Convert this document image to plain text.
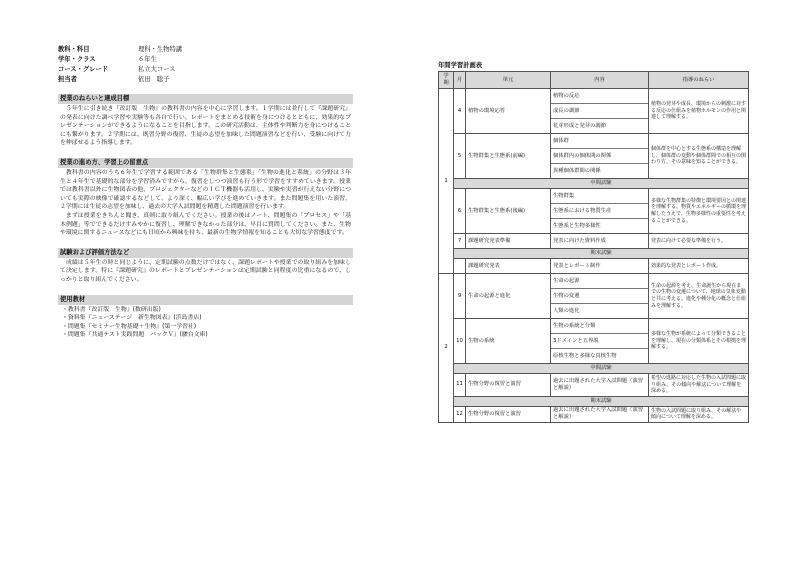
教科・科目	理科・生物特講
学年・クラス	６年生
コース・グレード	私立大コース
担当者	依田　聡子
授業のねらいと達成目標

５年生に引き続き『改訂版　生物』の教科書の内容を中心に学習します。１学期には並行して『課題研究』の発表に向けた調べ学習や実験等も各自で行い、レポートをまとめる技術を身につけるとともに、効果的なプレゼンテーションができるようになることを目指します。この研究活動は、主体性や判断力を身につけることにも繋がります。２学期には、既習分野の復習、生徒の志望を加味した問題演習などを行い、受験に向けて力を伸ばせるよう指導します。

授業の進め方、学習上の留意点

教科書の内容のうち６年生で学習する範囲である「生物群集と生態系」「生物の進化と系統」の分野は３年生と４年生で基礎的な部分を学習済みですから、復習をしつつ演習も行う形で学習をすすめていきます。授業では教科書以外に生物図表の他、プロジェクターなどのＩＣＴ機器も活用し、実験や実習が行えない分野についても実際の映像で確認するなどして、より深く、幅広い学びを進めていきます。また問題集を用いた演習、２学期には生徒の志望を加味し、過去の大学入試問題を精選した問題演習を行います。

まずは授業をきちんと聞き、真剣に取り組んでください。授業の後はノート、問題集の「プロセス」や「基本例題」等でできるだけすみやかに復習し、理解できなかった部分は、早目に質問してください。また、生物や環境に関するニュースなどにも日頃から興味を持ち、最新の生物学情報を知ることも大切な学習態度です。

試験および評価方法など

成績は５年生の時と同じように、定期試験の点数だけではなく、課題レポートや授業での取り組みを加味して決定します。特に『課題研究』のレポートとプレゼンテーションは定期試験と同程度の比重になるので、しっかりと取り組んでください。

使用教材
・教科書『改訂版　生物』(数研出版)
・資料集『ニューステージ　新生物図表』(浜島書店)
・問題集『セミナー生物基礎＋生物』(第一学習社)
・問題集『共通テスト実践問題　パックＶ』(駿台文庫)
年間学習計画表
学期	月	単元	内容	指導のねらい
1	4	植物の環境応答	植物の反応
成長の調節
花芽形成と発芽の調節	植物の発芽や成長、環境からの刺激に対する反応の仕組みを植物ホルモンの作用と関連して理解する。
	5	生物群集と生態系(前編)	個体群
個体群内の個体間の関係
異種個体群間の関係	個体群を中心とする生態系の構造を理解し、個体群の変動や個体群間での相互の関わり方、その意味を知ることができる。
	中間試験			
	6	生物群集と生態系(後編)	生物群集
生態系における物質生産
生態系と生物多様性	多様な生物群集の特徴と環境要因との関連を理解する。物質やエネルギーの循環を理解したうえで、生物多様性の重要性を考えることができる。
	7	課題研究発表準備	発表に向けた資料作成	発表に向けて必要な準備を行う。
	期末試験			
		課題研究発表	発表とレポート制作	効果的な発表とレポート作成。
2	9	生命の起源と進化	生命の起源
生物の変遷
人類の進化	生命の起源を考え、生命誕生から現在までの生物の変遷について、地球の気象変動と共に考える。進化や種分化の概念と仕組みを理解する。
	10	生物の系統	生物の系統と分類
3ドメインと五界説
原核生物と多様な真核生物	多様な生物が系統によって分類できることを理解し、現在の分類体系とその根拠を理解する。
	中間試験			
	11	生物分野の復習と演習	過去に出題された大学入試問題（演習と解説）	希望の進路に対応した生物の入試問題に取り組み、その傾向や解法について理解を深める。
	期末試験			
	12	生物分野の復習と演習	過去に出題された大学入試問題（演習と解説）	生物の入試問題に取り組み、その解法や傾向について理解を深める。
